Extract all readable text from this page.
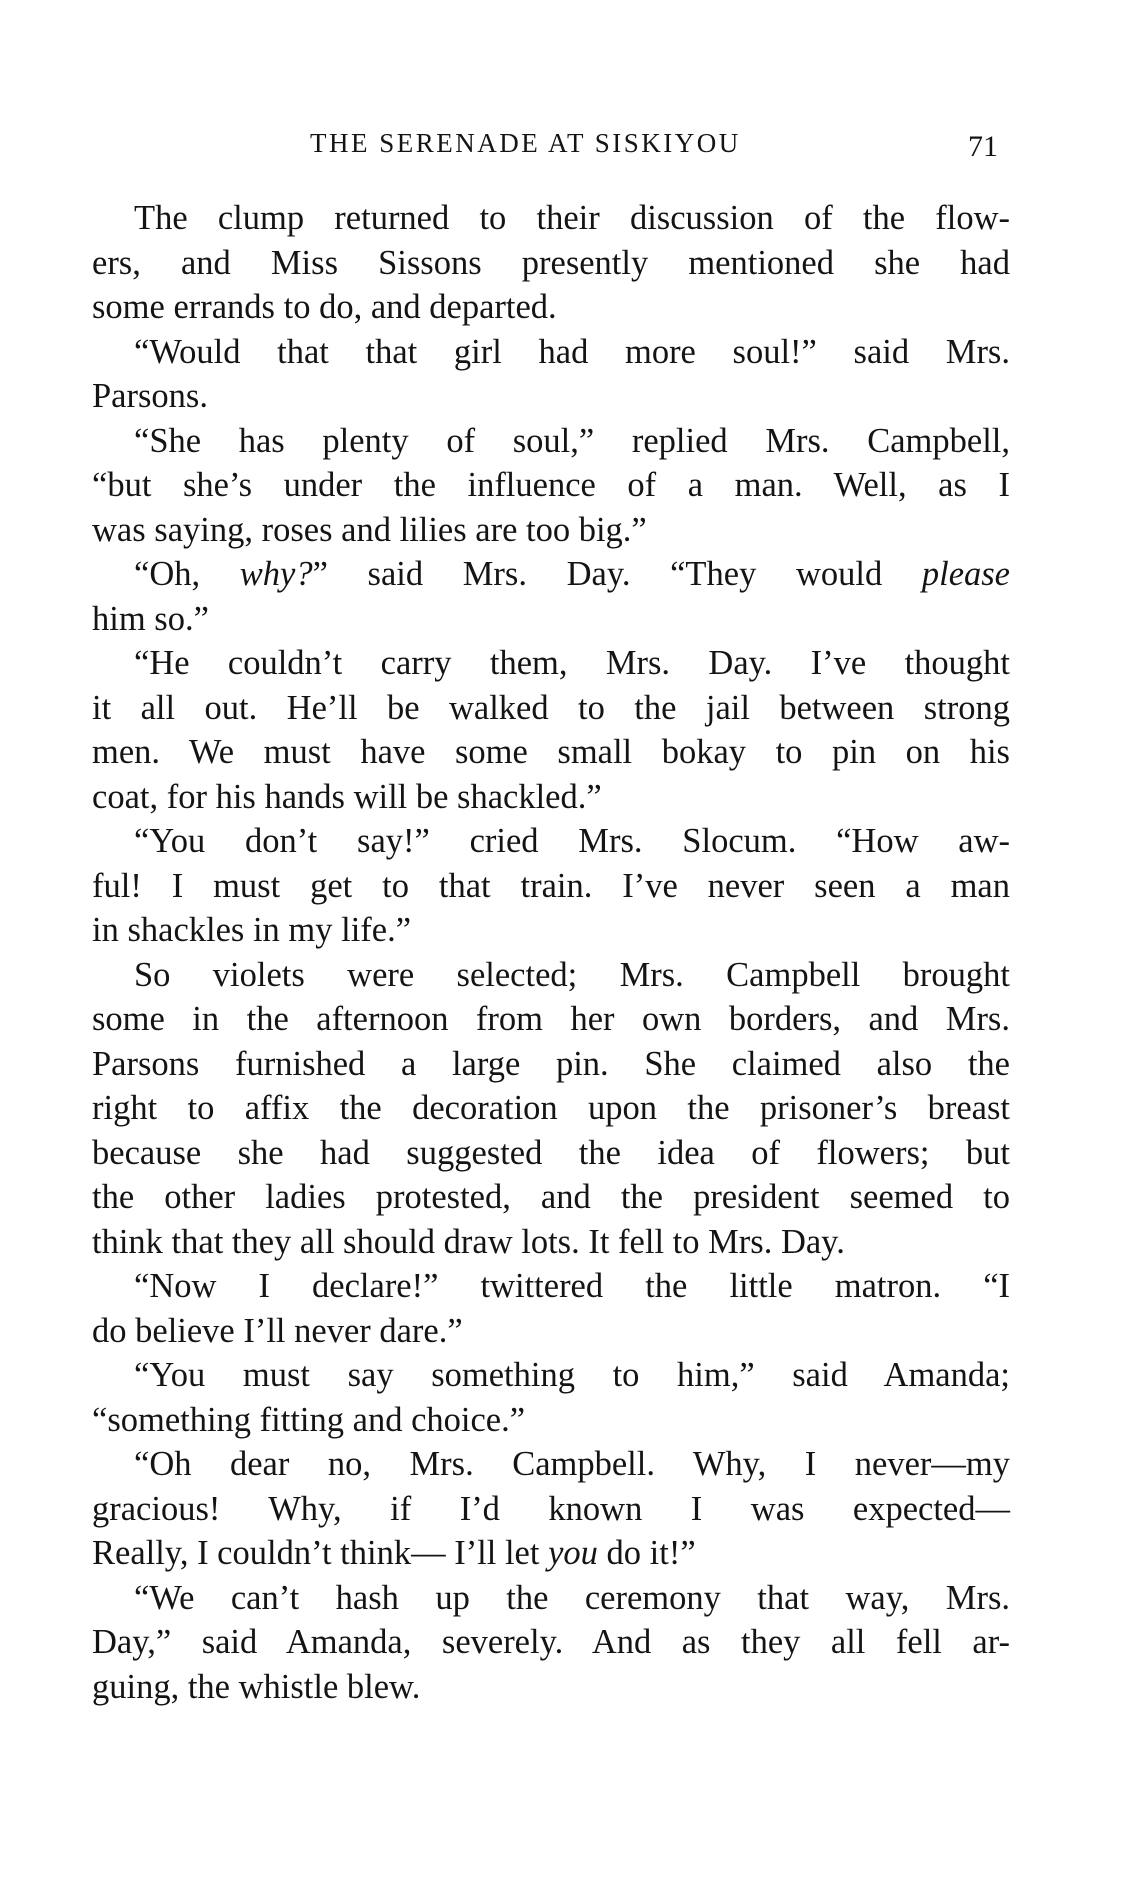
THE SERENADE AT SISKIYOU	71
The clump returned to their discussion of the flow-
ers, and Miss Sissons presently mentioned she had
some errands to do, and departed.
“Would that that girl had more soul!” said Mrs.
Parsons.
“She has plenty of soul,” replied Mrs. Campbell,
“but she’s under the influence of a man. Well, as I
was saying, roses and lilies are too big.”
“Oh, why?” said Mrs. Day. “They would please
him so.”
“He couldn’t carry them, Mrs. Day. I’ve thought
it all out. He’ll be walked to the jail between strong
men. We must have some small bokay to pin on his
coat, for his hands will be shackled.”
“You don’t say!” cried Mrs. Slocum. “How aw-
ful! I must get to that train. I’ve never seen a man
in shackles in my life.”
So violets were selected; Mrs. Campbell brought
some in the afternoon from her own borders, and Mrs.
Parsons furnished a large pin. She claimed also the
right to affix the decoration upon the prisoner’s breast
because she had suggested the idea of flowers; but
the other ladies protested, and the president seemed to
think that they all should draw lots. It fell to Mrs. Day.
“Now I declare!” twittered the little matron. “I
do believe I’ll never dare.”
“You must say something to him,” said Amanda;
“something fitting and choice.”
“Oh dear no, Mrs. Campbell. Why, I never—my
gracious! Why, if I’d known I was expected—
Really, I couldn’t think— I’ll let you do it!”
“We can’t hash up the ceremony that way, Mrs.
Day,” said Amanda, severely. And as they all fell ar-
guing, the whistle blew.
